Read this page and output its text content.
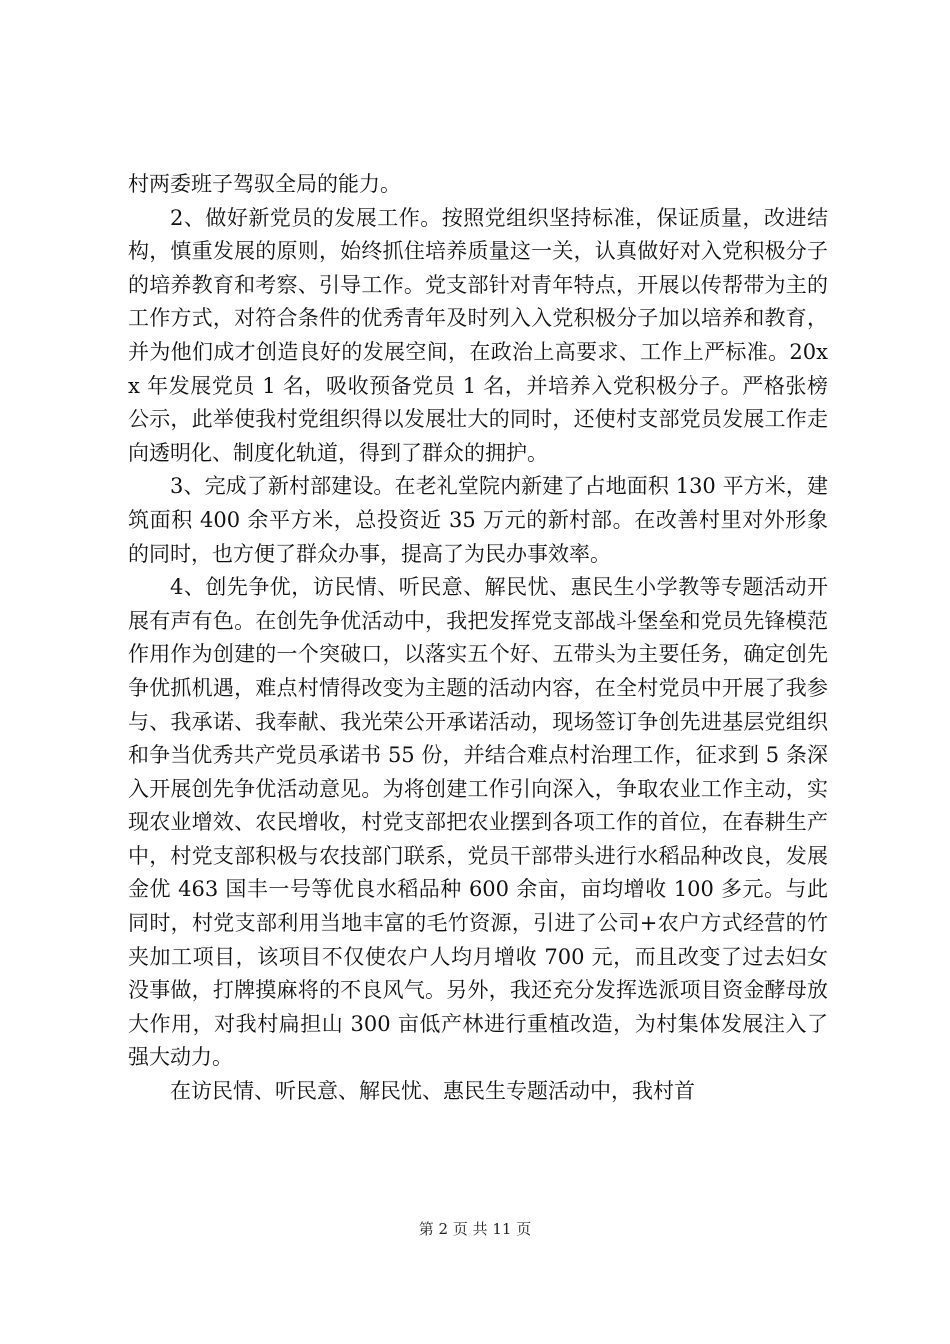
村两委班子驾驭全局的能力。

2、做好新党员的发展工作。按照党组织坚持标准，保证质量，改进结构，慎重发展的原则，始终抓住培养质量这一关，认真做好对入党积极分子的培养教育和考察、引导工作。党支部针对青年特点，开展以传帮带为主的工作方式，对符合条件的优秀青年及时列入入党积极分子加以培养和教育，并为他们成才创造良好的发展空间，在政治上高要求、工作上严标准。20xx 年发展党员 1 名，吸收预备党员 1 名，并培养入党积极分子。严格张榜公示，此举使我村党组织得以发展壮大的同时，还使村支部党员发展工作走向透明化、制度化轨道，得到了群众的拥护。

3、完成了新村部建设。在老礼堂院内新建了占地面积 130 平方米，建筑面积 400 余平方米，总投资近 35 万元的新村部。在改善村里对外形象的同时，也方便了群众办事，提高了为民办事效率。

4、创先争优，访民情、听民意、解民忧、惠民生小学教等专题活动开展有声有色。在创先争优活动中，我把发挥党支部战斗堡垒和党员先锋模范作用作为创建的一个突破口，以落实五个好、五带头为主要任务，确定创先争优抓机遇，难点村情得改变为主题的活动内容，在全村党员中开展了我参与、我承诺、我奉献、我光荣公开承诺活动，现场签订争创先进基层党组织和争当优秀共产党员承诺书 55 份，并结合难点村治理工作，征求到 5 条深入开展创先争优活动意见。为将创建工作引向深入，争取农业工作主动，实现农业增效、农民增收，村党支部把农业摆到各项工作的首位，在春耕生产中，村党支部积极与农技部门联系，党员干部带头进行水稻品种改良，发展金优 463 国丰一号等优良水稻品种 600 余亩，亩均增收 100 多元。与此同时，村党支部利用当地丰富的毛竹资源，引进了公司+农户方式经营的竹夹加工项目，该项目不仅使农户人均月增收 700 元，而且改变了过去妇女没事做，打牌摸麻将的不良风气。另外，我还充分发挥选派项目资金酵母放大作用，对我村扁担山 300 亩低产林进行重植改造，为村集体发展注入了强大动力。

在访民情、听民意、解民忧、惠民生专题活动中，我村首

第 2 页 共 11 页
